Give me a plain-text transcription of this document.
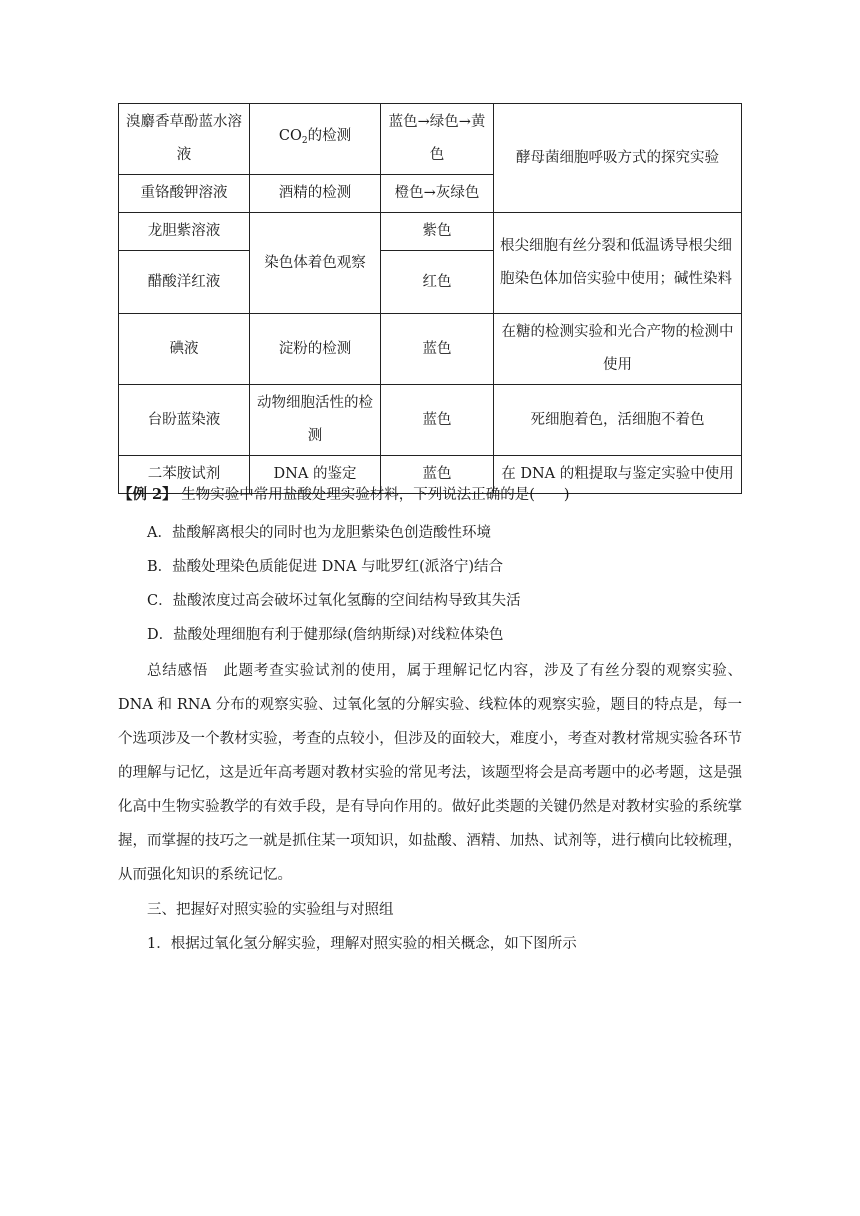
溴麝香草酚蓝水溶液	$CO_2$的检测	蓝色→绿色→黄色	酵母菌细胞呼吸方式的探究实验
重铬酸钾溶液	酒精的检测	橙色→灰绿色	
龙胆紫溶液	染色体着色观察	紫色	根尖细胞有丝分裂和低温诱导根尖细胞染色体加倍实验中使用；碱性染料
醋酸洋红液		红色	
碘液	淀粉的检测	蓝色	在糖的检测实验和光合产物的检测中使用
台盼蓝染液	动物细胞活性的检测	蓝色	死细胞着色，活细胞不着色
二苯胺试剂	DNA 的鉴定	蓝色	在 DNA 的粗提取与鉴定实验中使用
【例 2】 生物实验中常用盐酸处理实验材料，下列说法正确的是(　　)
A．盐酸解离根尖的同时也为龙胆紫染色创造酸性环境
B．盐酸处理染色质能促进 DNA 与吡罗红(派洛宁)结合
C．盐酸浓度过高会破坏过氧化氢酶的空间结构导致其失活
D．盐酸处理细胞有利于健那绿(詹纳斯绿)对线粒体染色
总结感悟　此题考查实验试剂的使用，属于理解记忆内容，涉及了有丝分裂的观察实验、DNA 和 RNA 分布的观察实验、过氧化氢的分解实验、线粒体的观察实验，题目的特点是，每一个选项涉及一个教材实验，考查的点较小，但涉及的面较大，难度小，考查对教材常规实验各环节的理解与记忆，这是近年高考题对教材实验的常见考法，该题型将会是高考题中的必考题，这是强化高中生物实验教学的有效手段，是有导向作用的。做好此类题的关键仍然是对教材实验的系统掌握，而掌握的技巧之一就是抓住某一项知识，如盐酸、酒精、加热、试剂等，进行横向比较梳理，从而强化知识的系统记忆。
三、把握好对照实验的实验组与对照组
1．根据过氧化氢分解实验，理解对照实验的相关概念，如下图所示
